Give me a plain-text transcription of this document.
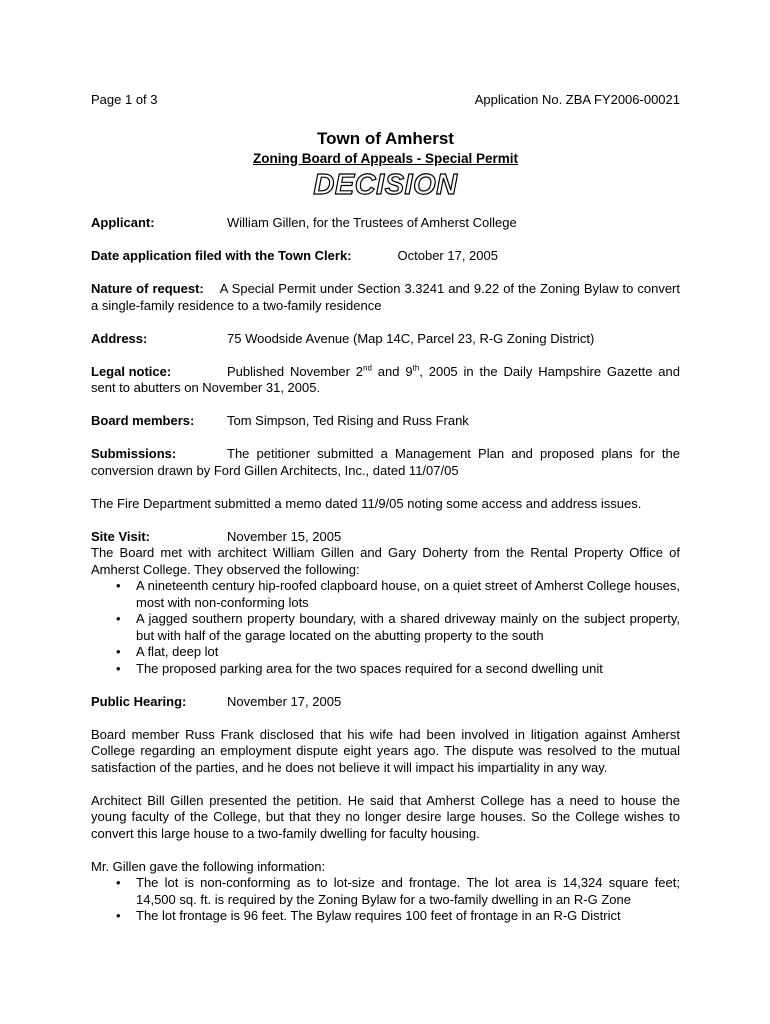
Page 1 of 3	Application No. ZBA FY2006-00021
Town of Amherst
Zoning Board of Appeals - Special Permit
DECISION
Applicant:	William Gillen, for the Trustees of Amherst College
Date application filed with the Town Clerk:	October 17, 2005

Nature of request: A Special Permit under Section 3.3241 and 9.22 of the Zoning Bylaw to convert a single-family residence to a two-family residence

Address:	75 Woodside Avenue (Map 14C, Parcel 23, R-G Zoning District)

Legal notice:	Published November 2nd and 9th, 2005 in the Daily Hampshire Gazette and sent to abutters on November 31, 2005.

Board members:	Tom Simpson, Ted Rising and Russ Frank

Submissions:	The petitioner submitted a Management Plan and proposed plans for the conversion drawn by Ford Gillen Architects, Inc., dated 11/07/05

The Fire Department submitted a memo dated 11/9/05 noting some access and address issues.

Site Visit:	November 15, 2005

The Board met with architect William Gillen and Gary Doherty from the Rental Property Office of Amherst College. They observed the following:

• A nineteenth century hip-roofed clapboard house, on a quiet street of Amherst College houses, most with non-conforming lots
• A jagged southern property boundary, with a shared driveway mainly on the subject property, but with half of the garage located on the abutting property to the south
• A flat, deep lot
• The proposed parking area for the two spaces required for a second dwelling unit
Public Hearing:	November 17, 2005

Board member Russ Frank disclosed that his wife had been involved in litigation against Amherst College regarding an employment dispute eight years ago. The dispute was resolved to the mutual satisfaction of the parties, and he does not believe it will impact his impartiality in any way.

Architect Bill Gillen presented the petition. He said that Amherst College has a need to house the young faculty of the College, but that they no longer desire large houses. So the College wishes to convert this large house to a two-family dwelling for faculty housing.

Mr. Gillen gave the following information:

• The lot is non-conforming as to lot-size and frontage. The lot area is 14,324 square feet; 14,500 sq. ft. is required by the Zoning Bylaw for a two-family dwelling in an R-G Zone
• The lot frontage is 96 feet. The Bylaw requires 100 feet of frontage in an R-G District
